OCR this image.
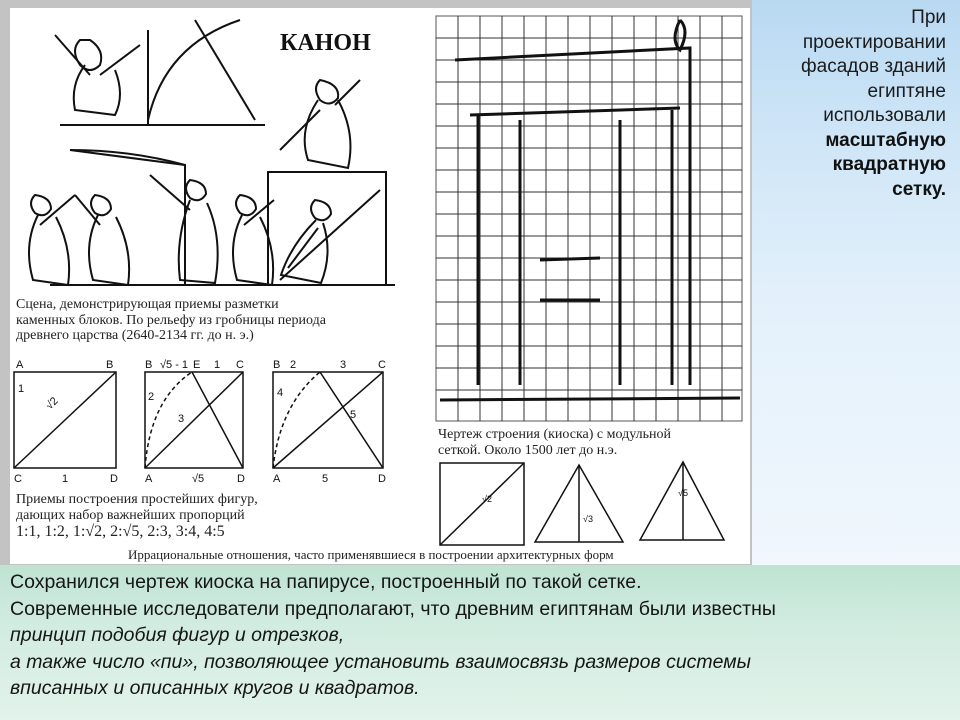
КАНОН
A	B
1
√2
C	1	D
B √5 - 1 E 1 C
2
3
A	√5	D
B 2	3	C
4
5
A	5	D
√2
√3
√5
Сцена, демонстрирующая приемы разметки
каменных блоков. По рельефу из гробницы периода
древнего царства (2640-2134 гг. до н. э.)
Приемы построения простейших фигур,
дающих набор важнейших пропорций
1:1, 1:2, 1:√2, 2:√5, 2:3, 3:4, 4:5
Иррациональные отношения, часто применявшиеся в построении архитектурных форм
Чертеж строения (киоска) с модульной
сеткой. Около 1500 лет до н.э.
При
проектировании
фасадов зданий
египтяне
использовали
масштабную
квадратную
сетку.
Сохранился чертеж киоска на папирусе, построенный по такой сетке.
Современные исследователи предполагают, что древним египтянам были известны
принцип подобия фигур и отрезков,
а также число «пи», позволяющее установить взаимосвязь размеров системы
вписанных и описанных кругов и квадратов.
